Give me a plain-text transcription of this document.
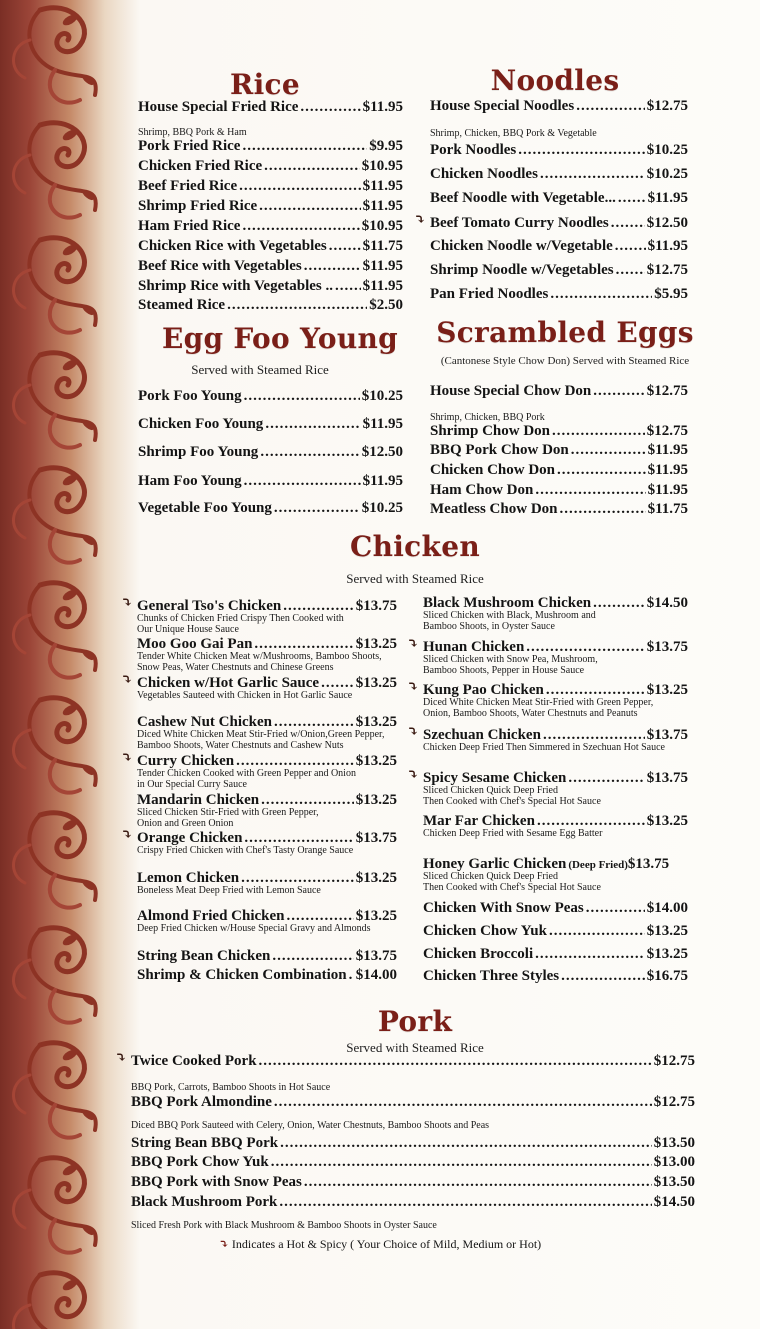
Rice	Noodles
Egg Foo Young
Served with Steamed Rice
Scrambled Eggs
(Cantonese Style Chow Don) Served with Steamed Rice
Chicken
Served with Steamed Rice
Pork
Served with Steamed Rice
House Special Fried Rice .....	$11.95
Shrimp, BBQ Pork & Ham
Pork Fried Rice .....	$9.95
Chicken Fried Rice .....	$10.95
Beef Fried Rice .....	$11.95
Shrimp Fried Rice .....	$11.95
Ham Fried Rice .....	$10.95
Chicken Rice with Vegetables ..... $11.75
Beef Rice with Vegetables .....	$11.95
Shrimp Rice with Vegetables .. ..... $11.95
Steamed Rice .....	$2.50
Pork Foo Young .....	$10.25
Chicken Foo Young .....	$11.95
Shrimp Foo Young .....	$12.50
Ham Foo Young .....	$11.95
Vegetable Foo Young .....	$10.25
House Special Noodles .....	$12.75
Shrimp, Chicken, BBQ Pork & Vegetable
Pork Noodles .....	$10.25
Chicken Noodles .....	$10.25
Beef Noodle with Vegetable... ..... $11.95
Beef Tomato Curry Noodles .....	$12.50
⤵
Chicken Noodle w/Vegetable ..... $11.95
Shrimp Noodle w/Vegetables ..... $12.75
Pan Fried Noodles .....	$5.95
House Special Chow Don .....	$12.75
Shrimp, Chicken, BBQ Pork
Shrimp Chow Don .....	$12.75
BBQ Pork Chow Don .....	$11.95
Chicken Chow Don .....	$11.95
Ham Chow Don .....	$11.95
Meatless Chow Don .....	$11.75
General Tso's Chicken .....	$13.75
⤵
Chunks of Chicken Fried Crispy Then Cooked with
Our Unique House Sauce
Moo Goo Gai Pan .....	$13.25
Tender White Chicken Meat w/Mushrooms, Bamboo Shoots,
Snow Peas, Water Chestnuts and Chinese Greens
Chicken w/Hot Garlic Sauce ..... $13.25
⤵
Vegetables Sauteed with Chicken in Hot Garlic Sauce
Cashew Nut Chicken .....	$13.25
Diced White Chicken Meat Stir-Fried w/Onion,Green Pepper,
Bamboo Shoots, Water Chestnuts and Cashew Nuts
Curry Chicken .....	$13.25
⤵
Tender Chicken Cooked with Green Pepper and Onion
in Our Special Curry Sauce
Mandarin Chicken .....	$13.25
Sliced Chicken Stir-Fried with Green Pepper,
Onion and Green Onion
Orange Chicken .....	$13.75
⤵
Crispy Fried Chicken with Chef's Tasty Orange Sauce
Lemon Chicken .....	$13.25
Boneless Meat Deep Fried with Lemon Sauce
Almond Fried Chicken .....	$13.25
Deep Fried Chicken w/House Special Gravy and Almonds
String Bean Chicken .....	$13.75
Shrimp & Chicken Combination ..... $14.00
Black Mushroom Chicken .....	$14.50
Sliced Chicken with Black, Mushroom and
Bamboo Shoots, in Oyster Sauce
Hunan Chicken .....	$13.75
⤵
Sliced Chicken with Snow Pea, Mushroom,
Bamboo Shoots, Pepper in House Sauce
Kung Pao Chicken .....	$13.25
⤵
Diced White Chicken Meat Stir-Fried with Green Pepper,
Onion, Bamboo Shoots, Water Chestnuts and Peanuts
Szechuan Chicken .....	$13.75
⤵
Chicken Deep Fried Then Simmered in Szechuan Hot Sauce
Spicy Sesame Chicken .....	$13.75
⤵
Sliced Chicken Quick Deep Fried
Then Cooked with Chef's Special Hot Sauce
Mar Far Chicken .....	$13.25
Chicken Deep Fried with Sesame Egg Batter
Honey Garlic Chicken (Deep Fried) $13.75
Sliced Chicken Quick Deep Fried
Then Cooked with Chef's Special Hot Sauce
Chicken With Snow Peas .....	$14.00
Chicken Chow Yuk .....	$13.25
Chicken Broccoli .....	$13.25
Chicken Three Styles .....	$16.75
Twice Cooked Pork .....	$12.75
⤵
BBQ Pork, Carrots, Bamboo Shoots in Hot Sauce
BBQ Pork Almondine .....	$12.75
Diced BBQ Pork Sauteed with Celery, Onion, Water Chestnuts, Bamboo Shoots and Peas
String Bean BBQ Pork .....	$13.50
BBQ Pork Chow Yuk .....	$13.00
BBQ Pork with Snow Peas .....	$13.50
Black Mushroom Pork .....	$14.50
Sliced Fresh Pork with Black Mushroom & Bamboo Shoots in Oyster Sauce
⤵ Indicates a Hot & Spicy ( Your Choice of Mild, Medium or Hot)
